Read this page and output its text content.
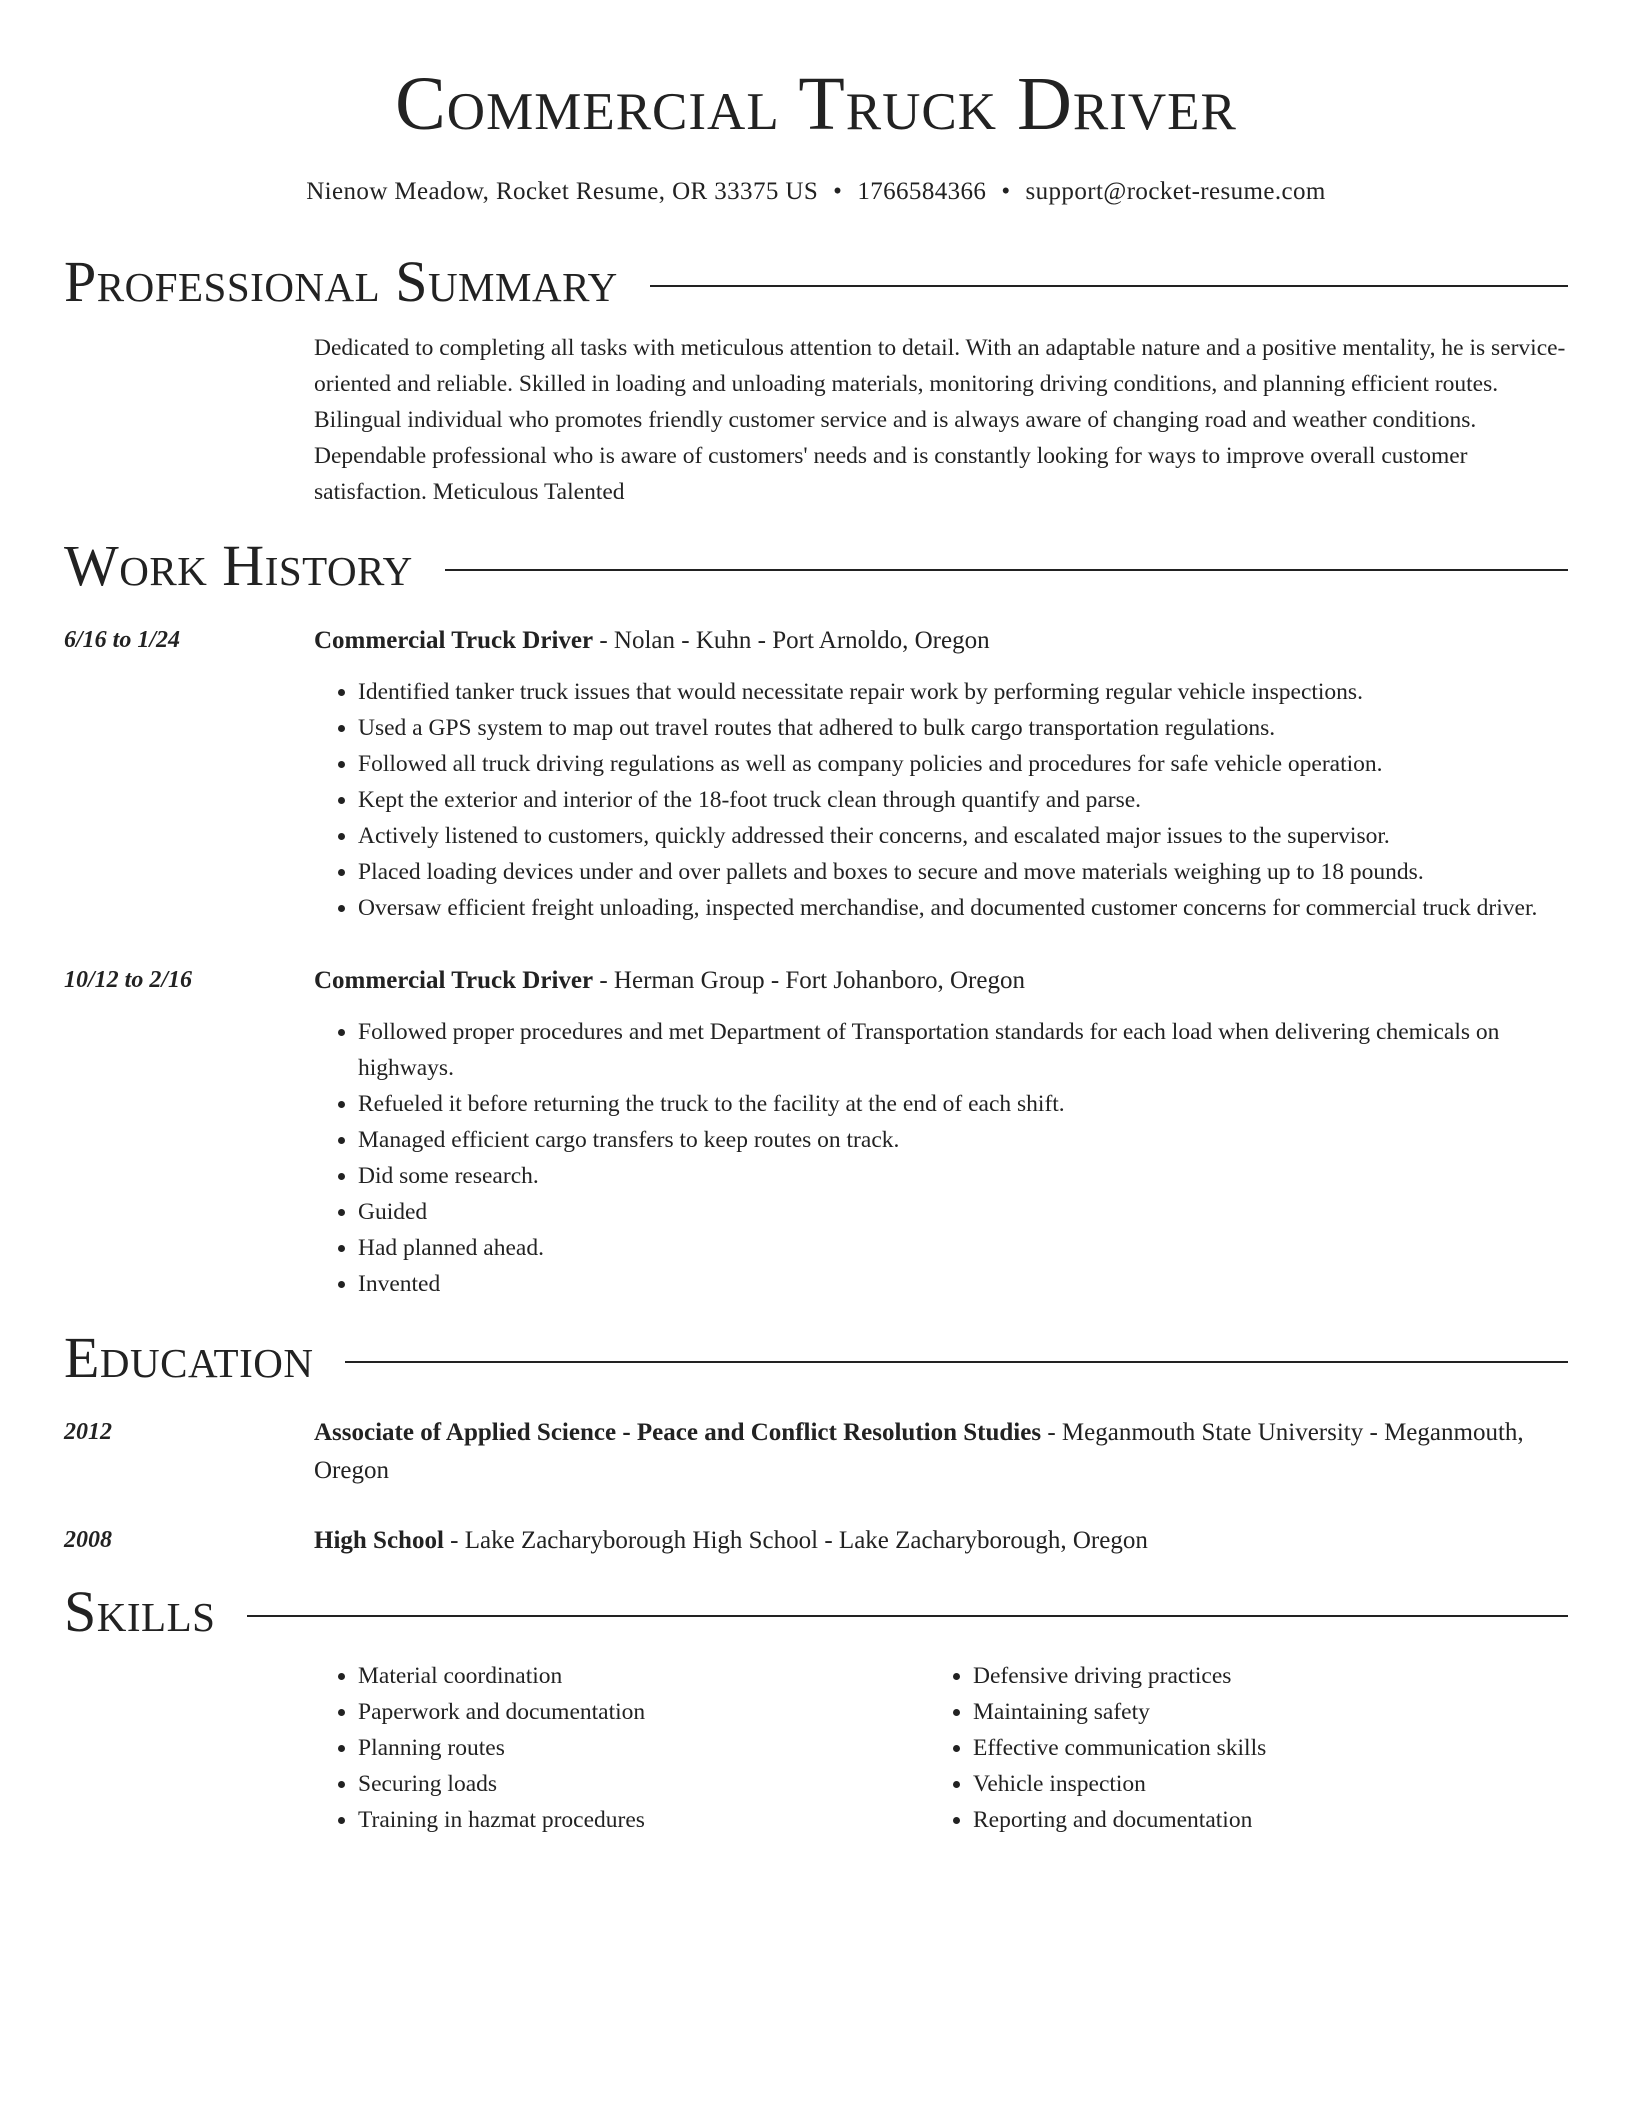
Commercial Truck Driver
Nienow Meadow, Rocket Resume, OR 33375 US • 1766584366 • support@rocket-resume.com
Professional Summary
Dedicated to completing all tasks with meticulous attention to detail. With an adaptable nature and a positive mentality, he is service-oriented and reliable. Skilled in loading and unloading materials, monitoring driving conditions, and planning efficient routes. Bilingual individual who promotes friendly customer service and is always aware of changing road and weather conditions. Dependable professional who is aware of customers' needs and is constantly looking for ways to improve overall customer satisfaction. Meticulous Talented
Work History
6/16 to 1/24	Commercial Truck Driver - Nolan - Kuhn - Port Arnoldo, Oregon
• Identified tanker truck issues that would necessitate repair work by performing regular vehicle inspections.
• Used a GPS system to map out travel routes that adhered to bulk cargo transportation regulations.
• Followed all truck driving regulations as well as company policies and procedures for safe vehicle operation.
• Kept the exterior and interior of the 18-foot truck clean through quantify and parse.
• Actively listened to customers, quickly addressed their concerns, and escalated major issues to the supervisor.
• Placed loading devices under and over pallets and boxes to secure and move materials weighing up to 18 pounds.
• Oversaw efficient freight unloading, inspected merchandise, and documented customer concerns for commercial truck driver.
10/12 to 2/16	Commercial Truck Driver - Herman Group - Fort Johanboro, Oregon
• Followed proper procedures and met Department of Transportation standards for each load when delivering chemicals on highways.
• Refueled it before returning the truck to the facility at the end of each shift.
• Managed efficient cargo transfers to keep routes on track.
• Did some research.
• Guided
• Had planned ahead.
• Invented
Education
2012	Associate of Applied Science - Peace and Conflict Resolution Studies - Meganmouth State University - Meganmouth, Oregon
2008	High School - Lake Zacharyborough High School - Lake Zacharyborough, Oregon
Skills
• Material coordination
• Paperwork and documentation
• Planning routes
• Securing loads
• Training in hazmat procedures
• Defensive driving practices
• Maintaining safety
• Effective communication skills
• Vehicle inspection
• Reporting and documentation
